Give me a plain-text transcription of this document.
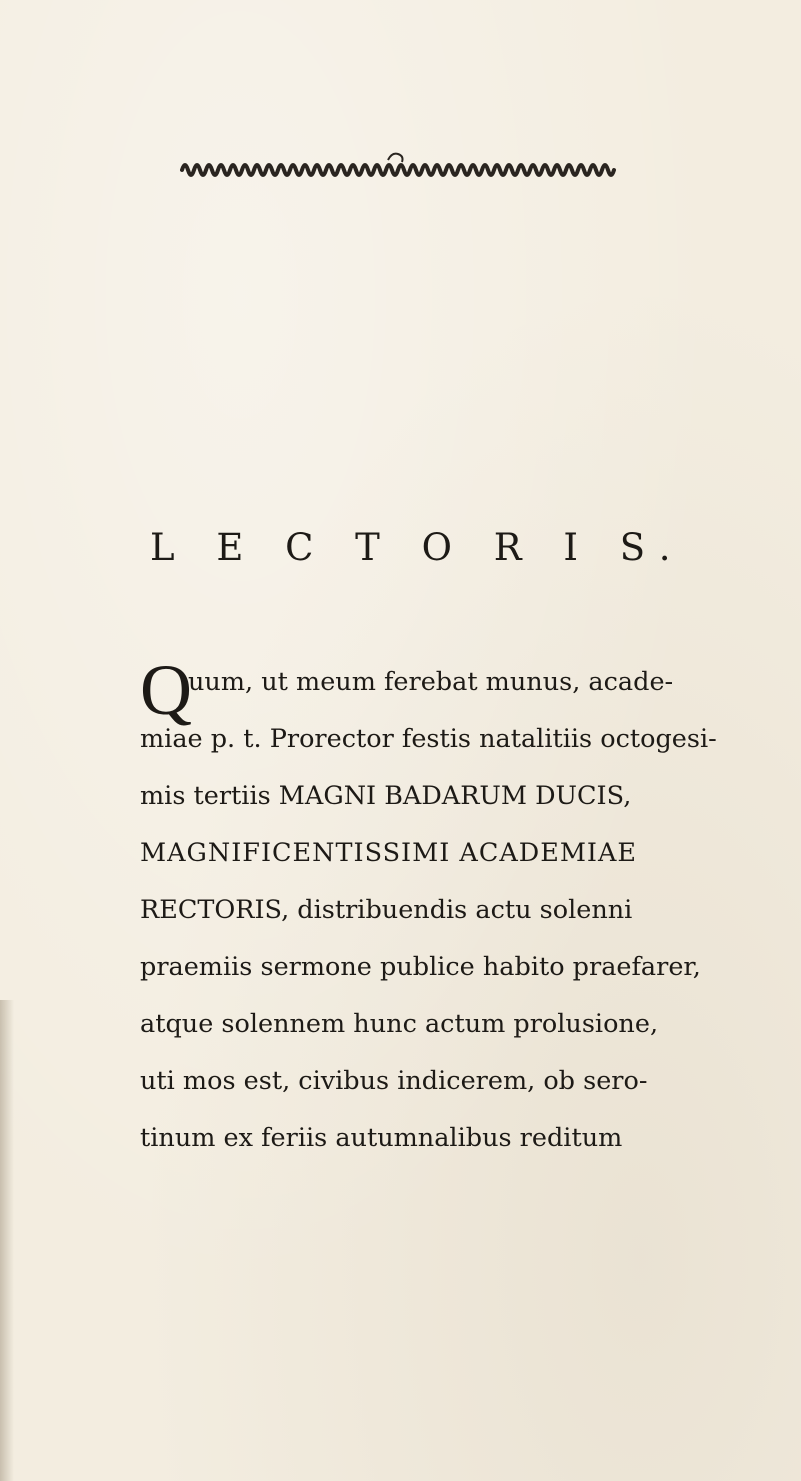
L E C T O R I S.
Q
uum, ut meum ferebat munus, acade-
miae p. t. Prorector festis natalitiis octogesi-
mis tertiis MAGNI BADARUM DUCIS,
MAGNIFICENTISSIMI ACADEMIAE
RECTORIS, distribuendis actu solenni
praemiis sermone publice habito praefarer,
atque solennem hunc actum prolusione,
uti mos est, civibus indicerem, ob sero-
tinum ex feriis autumnalibus reditum
